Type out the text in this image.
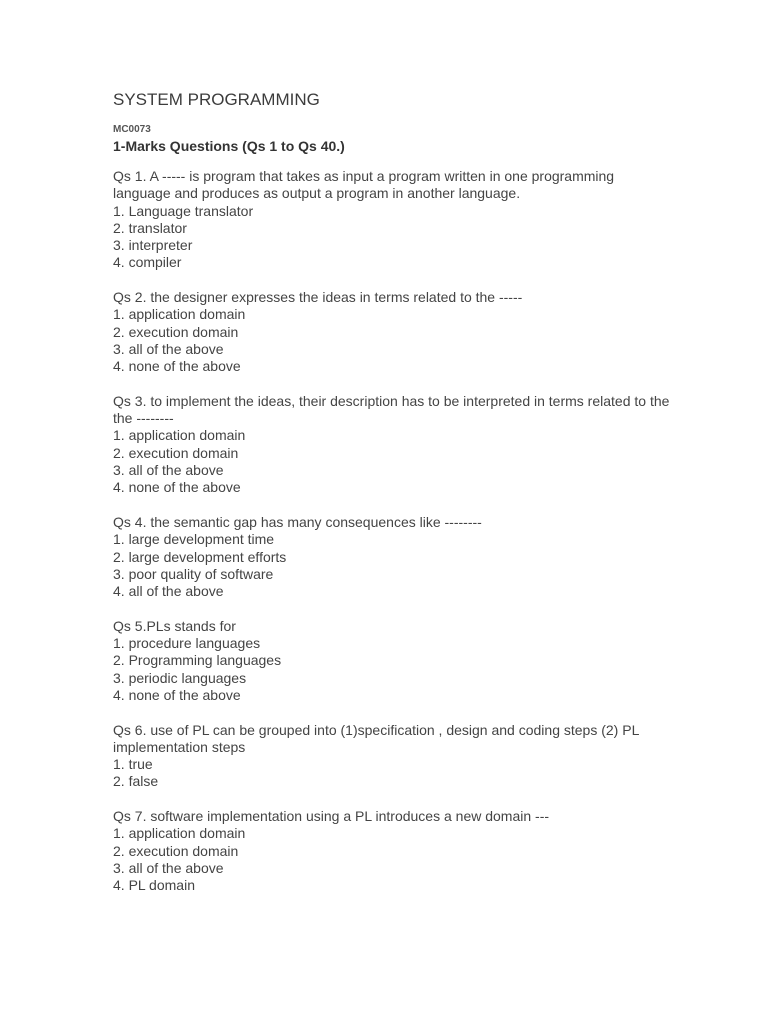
SYSTEM PROGRAMMING
MC0073
1-Marks Questions (Qs 1 to Qs 40.)

Qs 1. A ----- is program that takes as input a program written in one programming language and produces as output a program in another language.

1. Language translator
2. translator
3. interpreter
4. compiler

Qs 2. the designer expresses the ideas in terms related to the -----

1. application domain
2. execution domain
3. all of the above
4. none of the above

Qs 3. to implement the ideas, their description has to be interpreted in terms related to the the --------

1. application domain
2. execution domain
3. all of the above
4. none of the above

Qs 4. the semantic gap has many consequences like --------

1. large development time
2. large development efforts
3. poor quality of software
4. all of the above

Qs 5.PLs stands for

1. procedure languages
2. Programming languages
3. periodic languages
4. none of the above

Qs 6. use of PL can be grouped into (1)specification , design and coding steps (2) PL implementation steps

1. true
2. false

Qs 7. software implementation using a PL introduces a new domain ---

1. application domain
2. execution domain
3. all of the above
4. PL domain
